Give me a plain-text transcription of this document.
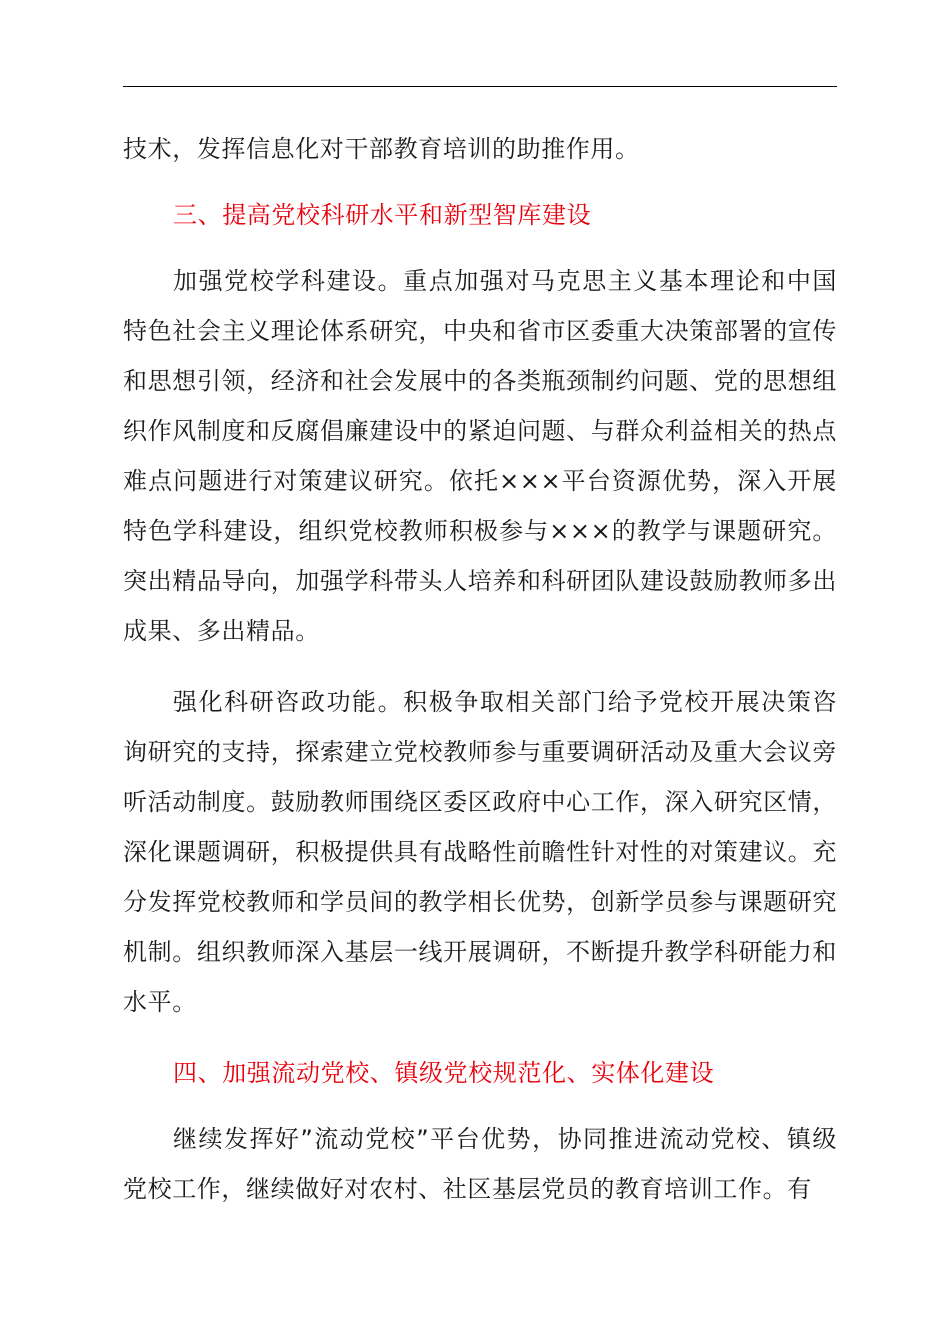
技术，发挥信息化对干部教育培训的助推作用。

三、提高党校科研水平和新型智库建设

加强党校学科建设。重点加强对马克思主义基本理论和中国特色社会主义理论体系研究，中央和省市区委重大决策部署的宣传和思想引领，经济和社会发展中的各类瓶颈制约问题、党的思想组织作风制度和反腐倡廉建设中的紧迫问题、与群众利益相关的热点难点问题进行对策建议研究。依托×××平台资源优势，深入开展特色学科建设，组织党校教师积极参与×××的教学与课题研究。突出精品导向，加强学科带头人培养和科研团队建设鼓励教师多出成果、多出精品。

强化科研咨政功能。积极争取相关部门给予党校开展决策咨询研究的支持，探索建立党校教师参与重要调研活动及重大会议旁听活动制度。鼓励教师围绕区委区政府中心工作，深入研究区情，深化课题调研，积极提供具有战略性前瞻性针对性的对策建议。充分发挥党校教师和学员间的教学相长优势，创新学员参与课题研究机制。组织教师深入基层一线开展调研，不断提升教学科研能力和水平。

四、加强流动党校、镇级党校规范化、实体化建设

继续发挥好”流动党校”平台优势，协同推进流动党校、镇级党校工作，继续做好对农村、社区基层党员的教育培训工作。有
